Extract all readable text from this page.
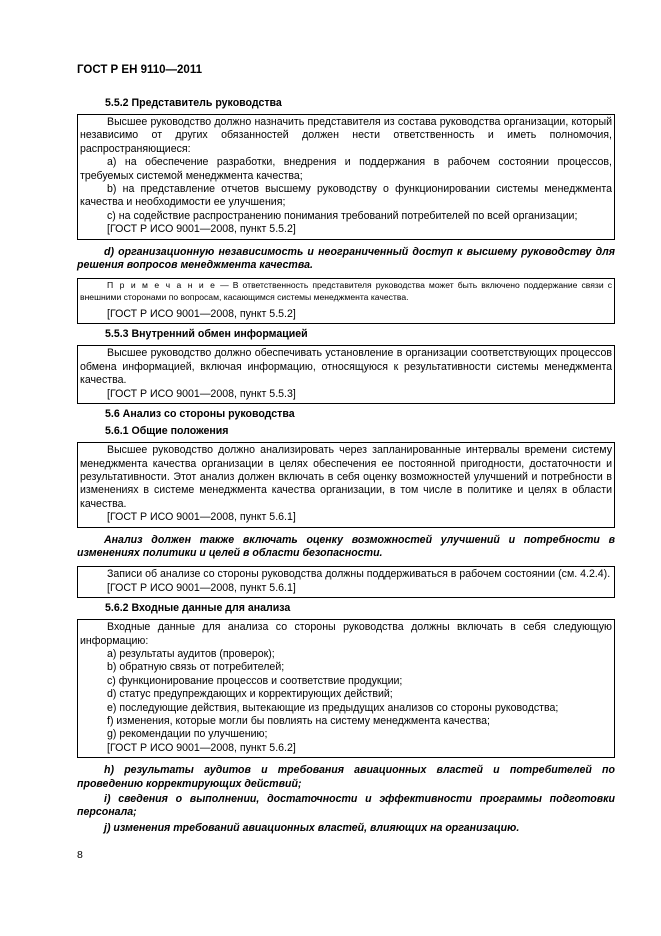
ГОСТ Р ЕН 9110—2011
5.5.2 Представитель руководства

Высшее руководство должно назначить представителя из состава руководства организации, который независимо от других обязанностей должен нести ответственность и иметь полномочия, распространяющиеся:

a) на обеспечение разработки, внедрения и поддержания в рабочем состоянии процессов, требуемых системой менеджмента качества;

b) на представление отчетов высшему руководству о функционировании системы менеджмента качества и необходимости ее улучшения;

c) на содействие распространению понимания требований потребителей по всей организации;

[ГОСТ Р ИСО 9001—2008, пункт 5.5.2]

d) организационную независимость и неограниченный доступ к высшему руководству для решения вопросов менеджмента качества.

П р и м е ч а н и е — В ответственность представителя руководства может быть включено поддержание связи с внешними сторонами по вопросам, касающимся системы менеджмента качества.

[ГОСТ Р ИСО 9001—2008, пункт 5.5.2]
5.5.3 Внутренний обмен информацией

Высшее руководство должно обеспечивать установление в организации соответствующих процессов обмена информацией, включая информацию, относящуюся к результативности системы менеджмента качества.

[ГОСТ Р ИСО 9001—2008, пункт 5.5.3]
5.6 Анализ со стороны руководства
5.6.1 Общие положения

Высшее руководство должно анализировать через запланированные интервалы времени систему менеджмента качества организации в целях обеспечения ее постоянной пригодности, достаточности и результативности. Этот анализ должен включать в себя оценку возможностей улучшений и потребности в изменениях в системе менеджмента качества организации, в том числе в политике и целях в области качества.

[ГОСТ Р ИСО 9001—2008, пункт 5.6.1]

Анализ должен также включать оценку возможностей улучшений и потребности в изменениях политики и целей в области безопасности.

Записи об анализе со стороны руководства должны поддерживаться в рабочем состоянии (см. 4.2.4).

[ГОСТ Р ИСО 9001—2008, пункт 5.6.1]
5.6.2 Входные данные для анализа

Входные данные для анализа со стороны руководства должны включать в себя следующую информацию:

a) результаты аудитов (проверок);

b) обратную связь от потребителей;

c) функционирование процессов и соответствие продукции;

d) статус предупреждающих и корректирующих действий;

e) последующие действия, вытекающие из предыдущих анализов со стороны руководства;

f) изменения, которые могли бы повлиять на систему менеджмента качества;

g) рекомендации по улучшению;

[ГОСТ Р ИСО 9001—2008, пункт 5.6.2]

h) результаты аудитов и требования авиационных властей и потребителей по проведению корректирующих действий;

i) сведения о выполнении, достаточности и эффективности программы подготовки персонала;

j) изменения требований авиационных властей, влияющих на организацию.

8
